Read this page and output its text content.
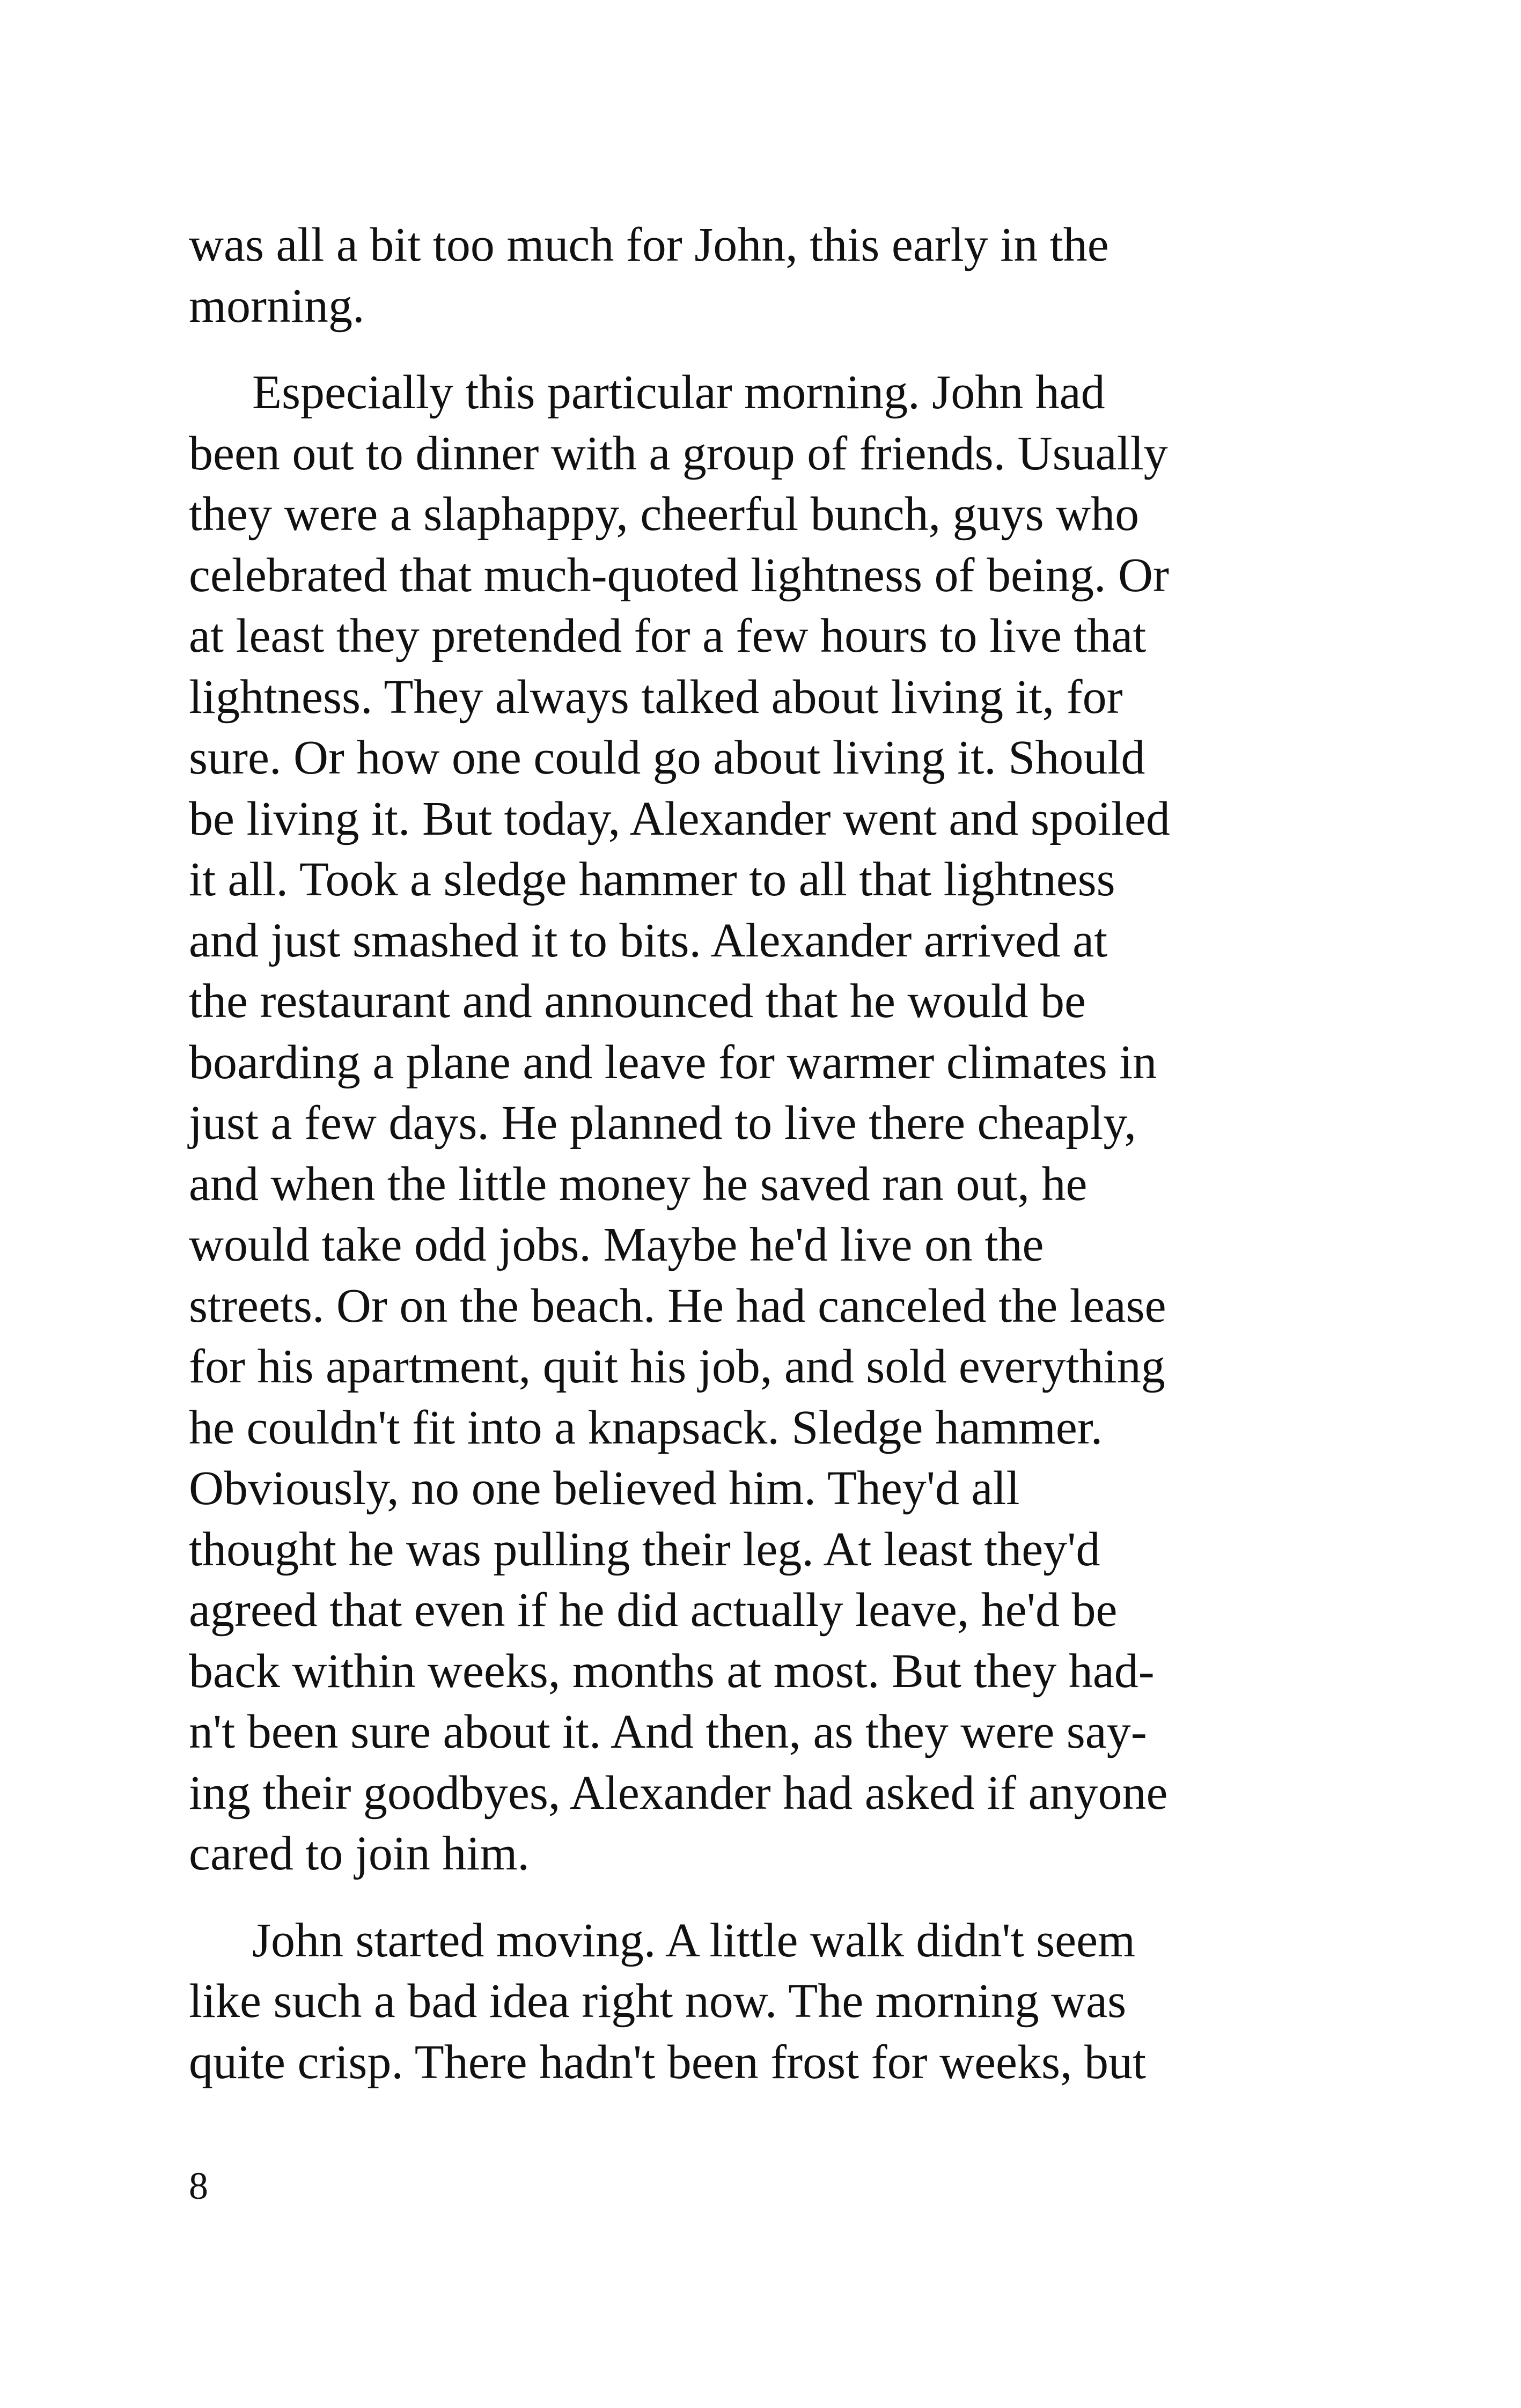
was all a bit too much for John, this early in the
morning.
Especially this particular morning. John had
been out to dinner with a group of friends. Usually
they were a slaphappy, cheerful bunch, guys who
celebrated that much-quoted lightness of being. Or
at least they pretended for a few hours to live that
lightness. They always talked about living it, for
sure. Or how one could go about living it. Should
be living it. But today, Alexander went and spoiled
it all. Took a sledge hammer to all that lightness
and just smashed it to bits. Alexander arrived at
the restaurant and announced that he would be
boarding a plane and leave for warmer climates in
just a few days. He planned to live there cheaply,
and when the little money he saved ran out, he
would take odd jobs. Maybe he'd live on the
streets. Or on the beach. He had canceled the lease
for his apartment, quit his job, and sold everything
he couldn't fit into a knapsack. Sledge hammer.
Obviously, no one believed him. They'd all
thought he was pulling their leg. At least they'd
agreed that even if he did actually leave, he'd be
back within weeks, months at most. But they had-
n't been sure about it. And then, as they were say-
ing their goodbyes, Alexander had asked if anyone
cared to join him.
John started moving. A little walk didn't seem
like such a bad idea right now. The morning was
quite crisp. There hadn't been frost for weeks, but
8
